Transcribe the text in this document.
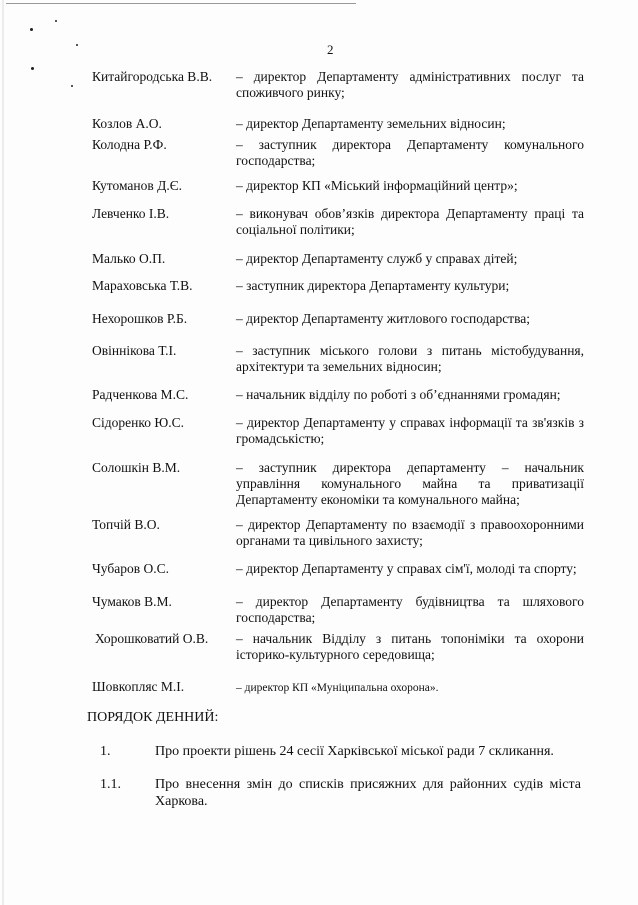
2
Китайгородська В.В. – директор Департаменту адміністративних послуг та споживчого ринку;
Козлов А.О.	– директор Департаменту земельних відносин;
Колодна Р.Ф.	– заступник директора Департаменту комунального господарства;
Кутоманов Д.Є.	– директор КП «Міський інформаційний центр»;
Левченко І.В.	– виконувач обов’язків директора Департаменту праці та соціальної політики;
Малько О.П.	– директор Департаменту служб у справах дітей;
Мараховська Т.В.	– заступник директора Департаменту культури;
Нехорошков Р.Б.	– директор Департаменту житлового господарства;
Овіннікова Т.І.	– заступник міського голови з питань містобудування, архітектури та земельних відносин;
Радченкова М.С.	– начальник відділу по роботі з об’єднаннями громадян;
Сідоренко Ю.С.	– директор Департаменту у справах інформації та зв'язків з громадськістю;
Солошкін В.М.	– заступник директора департаменту – начальник управління комунального майна та приватизації Департаменту економіки та комунального майна;
Топчій В.О.	– директор Департаменту по взаємодії з правоохоронними органами та цивільного захисту;
Чубаров О.С.	– директор Департаменту у справах сім'ї, молоді та спорту;
Чумаков В.М.	– директор Департаменту будівництва та шляхового господарства;
Хорошковатий О.В. – начальник Відділу з питань топоніміки та охорони історико-культурного середовища;
Шовкопляс М.І.	– директор КП «Муніципальна охорона».
ПОРЯДОК ДЕННИЙ:
1.	Про проекти рішень 24 сесії Харківської міської ради 7 скликання.
1.1. Про внесення змін до списків присяжних для районних судів міста Харкова.
